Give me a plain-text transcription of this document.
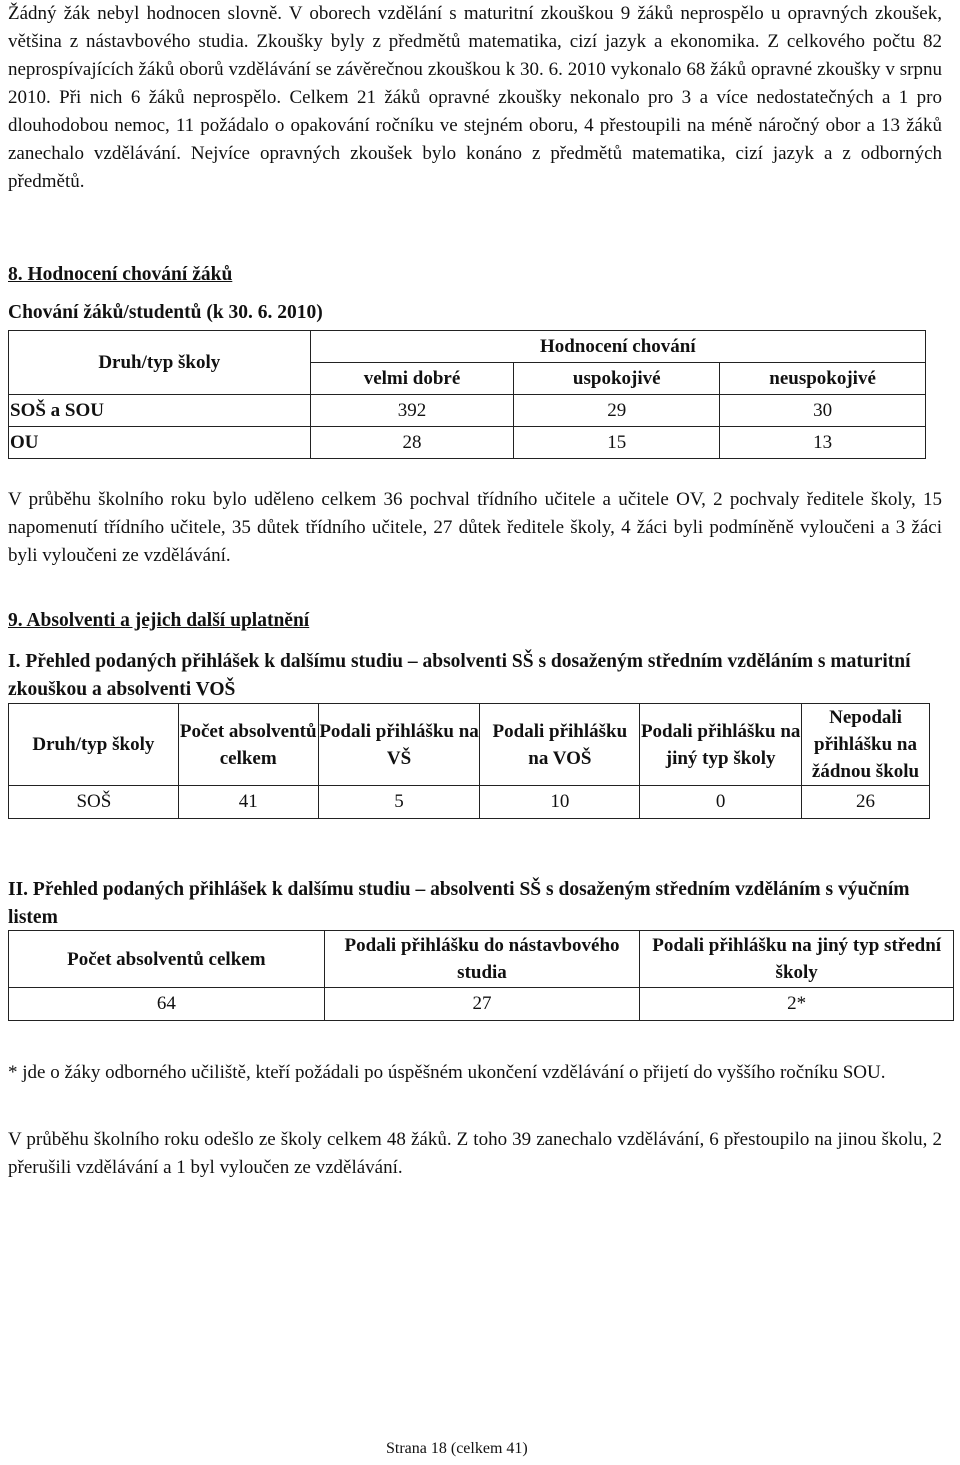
Žádný žák nebyl hodnocen slovně. V oborech vzdělání s maturitní zkouškou 9 žáků neprospělo u opravných zkoušek, většina z nástavbového studia. Zkoušky byly z předmětů matematika, cizí jazyk a ekonomika. Z celkového počtu 82 neprospívajících žáků oborů vzdělávání se závěrečnou zkouškou k 30. 6. 2010 vykonalo 68 žáků opravné zkoušky v srpnu 2010. Při nich 6 žáků neprospělo. Celkem 21 žáků opravné zkoušky nekonalo pro 3 a více nedostatečných a 1 pro dlouhodobou nemoc, 11 požádalo o opakování ročníku ve stejném oboru, 4 přestoupili na méně náročný obor a 13 žáků zanechalo vzdělávání. Nejvíce opravných zkoušek bylo konáno z předmětů matematika, cizí jazyk a z odborných předmětů.

8. Hodnocení chování žáků

Chování žáků/studentů (k 30. 6. 2010)

Druh/typ školy	Hodnocení chování		
	velmi dobré	uspokojivé	neuspokojivé
SOŠ a SOU	392	29	30
OU	28	15	13

V průběhu školního roku bylo uděleno celkem 36 pochval třídního učitele a učitele OV, 2 pochvaly ředitele školy, 15 napomenutí třídního učitele, 35 důtek třídního učitele, 27 důtek ředitele školy, 4 žáci byli podmíněně vyloučeni a 3 žáci byli vyloučeni ze vzdělávání.

9. Absolventi a jejich další uplatnění

I. Přehled podaných přihlášek k dalšímu studiu – absolventi SŠ s dosaženým středním vzděláním s maturitní zkouškou a absolventi VOŠ

Druh/typ školy	Počet absolventů celkem	Podali přihlášku na VŠ	Podali přihlášku na VOŠ	Podali přihlášku na jiný typ školy	Nepodali přihlášku na žádnou školu
SOŠ	41	5	10	0	26

II. Přehled podaných přihlášek k dalšímu studiu – absolventi SŠ s dosaženým středním vzděláním s výučním listem

Počet absolventů celkem	Podali přihlášku do nástavbového studia	Podali přihlášku na jiný typ střední školy
64	27	2*

* jde o žáky odborného učiliště, kteří požádali po úspěšném ukončení vzdělávání o přijetí do vyššího ročníku SOU.

V průběhu školního roku odešlo ze školy celkem 48 žáků. Z toho 39 zanechalo vzdělávání, 6 přestoupilo na jinou školu, 2 přerušili vzdělávání a 1 byl vyloučen ze vzdělávání.

Strana 18 (celkem 41)
